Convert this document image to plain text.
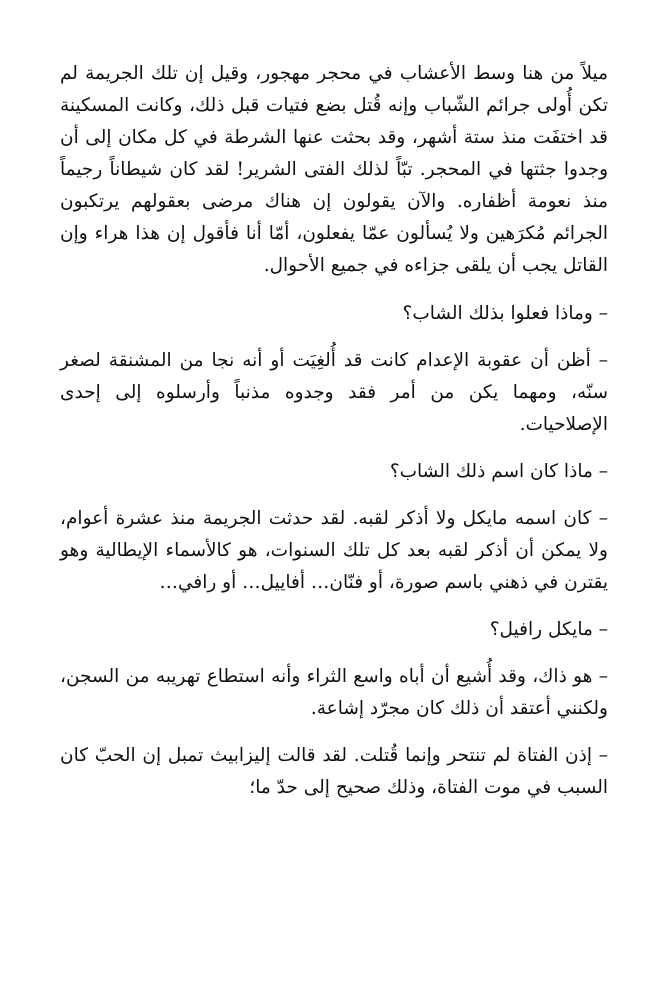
ميلاً من هنا وسط الأعشاب في محجر مهجور، وقيل إن تلك الجريمة لم تكن أُولى جرائم الشّباب وإنه قُتل بضع فتيات قبل ذلك، وكانت المسكينة قد اختفَت منذ ستة أشهر، وقد بحثت عنها الشرطة في كل مكان إلى أن وجدوا جثتها في المحجر. تبّاً لذلك الفتى الشرير! لقد كان شيطاناً رجيماً منذ نعومة أظفاره. والآن يقولون إن هناك مرضى بعقولهم يرتكبون الجرائم مُكرَهين ولا يُسألون عمّا يفعلون، أمّا أنا فأقول إن هذا هراء وإن القاتل يجب أن يلقى جزاءه في جميع الأحوال.

– وماذا فعلوا بذلك الشاب؟

– أظن أن عقوبة الإعدام كانت قد أُلغِيَت أو أنه نجا من المشنقة لصغر سنّه، ومهما يكن من أمر فقد وجدوه مذنباً وأرسلوه إلى إحدى الإصلاحيات.

– ماذا كان اسم ذلك الشاب؟

– كان اسمه مايكل ولا أذكر لقبه. لقد حدثت الجريمة منذ عشرة أعوام، ولا يمكن أن أذكر لقبه بعد كل تلك السنوات، هو كالأسماء الإيطالية وهو يقترن في ذهني باسم صورة، أو فنّان… أفاييل… أو رافي…

– مايكل رافيل؟

– هو ذاك، وقد أُشيع أن أباه واسع الثراء وأنه استطاع تهريبه من السجن، ولكنني أعتقد أن ذلك كان مجرّد إشاعة.

– إذن الفتاة لم تنتحر وإنما قُتلت. لقد قالت إليزابيث تمبل إن الحبّ كان السبب في موت الفتاة، وذلك صحيح إلى حدّ ما؛
